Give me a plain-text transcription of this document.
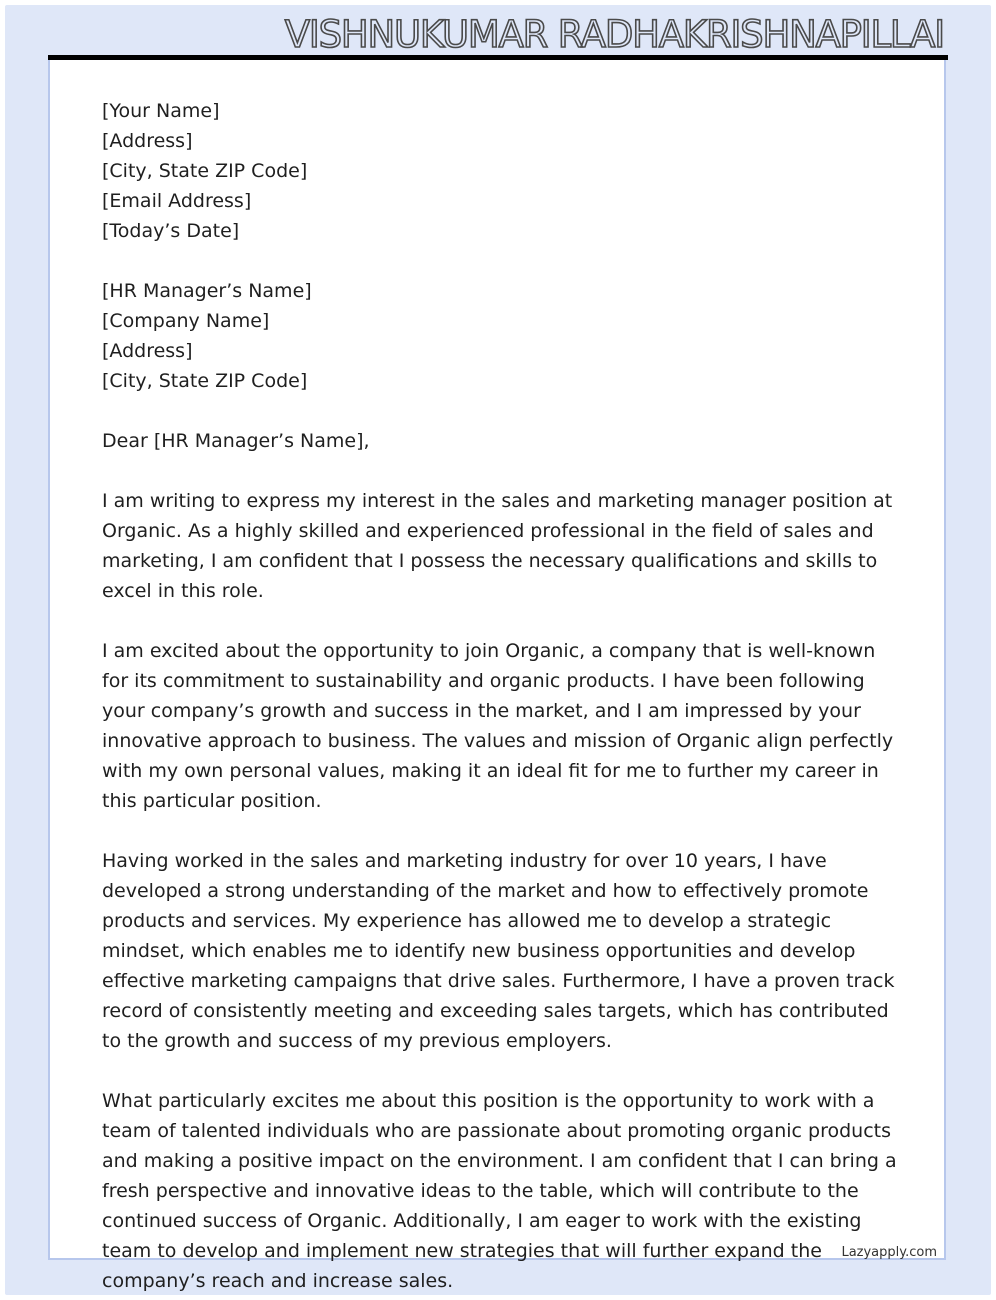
[Your Name]
[Address]
[City, State ZIP Code]
[Email Address]
[Today’s Date]
[HR Manager’s Name]
[Company Name]
[Address]
[City, State ZIP Code]
Dear [HR Manager’s Name],

I am writing to express my interest in the sales and marketing manager position at Organic. As a highly skilled and experienced professional in the field of sales and marketing, I am confident that I possess the necessary qualifications and skills to excel in this role.

I am excited about the opportunity to join Organic, a company that is well-known for its commitment to sustainability and organic products. I have been following your company’s growth and success in the market, and I am impressed by your innovative approach to business. The values and mission of Organic align perfectly with my own personal values, making it an ideal fit for me to further my career in this particular position.

Having worked in the sales and marketing industry for over 10 years, I have developed a strong understanding of the market and how to effectively promote products and services. My experience has allowed me to develop a strategic mindset, which enables me to identify new business opportunities and develop effective marketing campaigns that drive sales. Furthermore, I have a proven track record of consistently meeting and exceeding sales targets, which has contributed to the growth and success of my previous employers.

What particularly excites me about this position is the opportunity to work with a team of talented individuals who are passionate about promoting organic products and making a positive impact on the environment. I am confident that I can bring a fresh perspective and innovative ideas to the table, which will contribute to the continued success of Organic. Additionally, I am eager to work with the existing team to develop and implement new strategies that will further expand the company’s reach and increase sales.

VISHNUKUMAR RADHAKRISHNAPILLAI
Lazyapply.com
